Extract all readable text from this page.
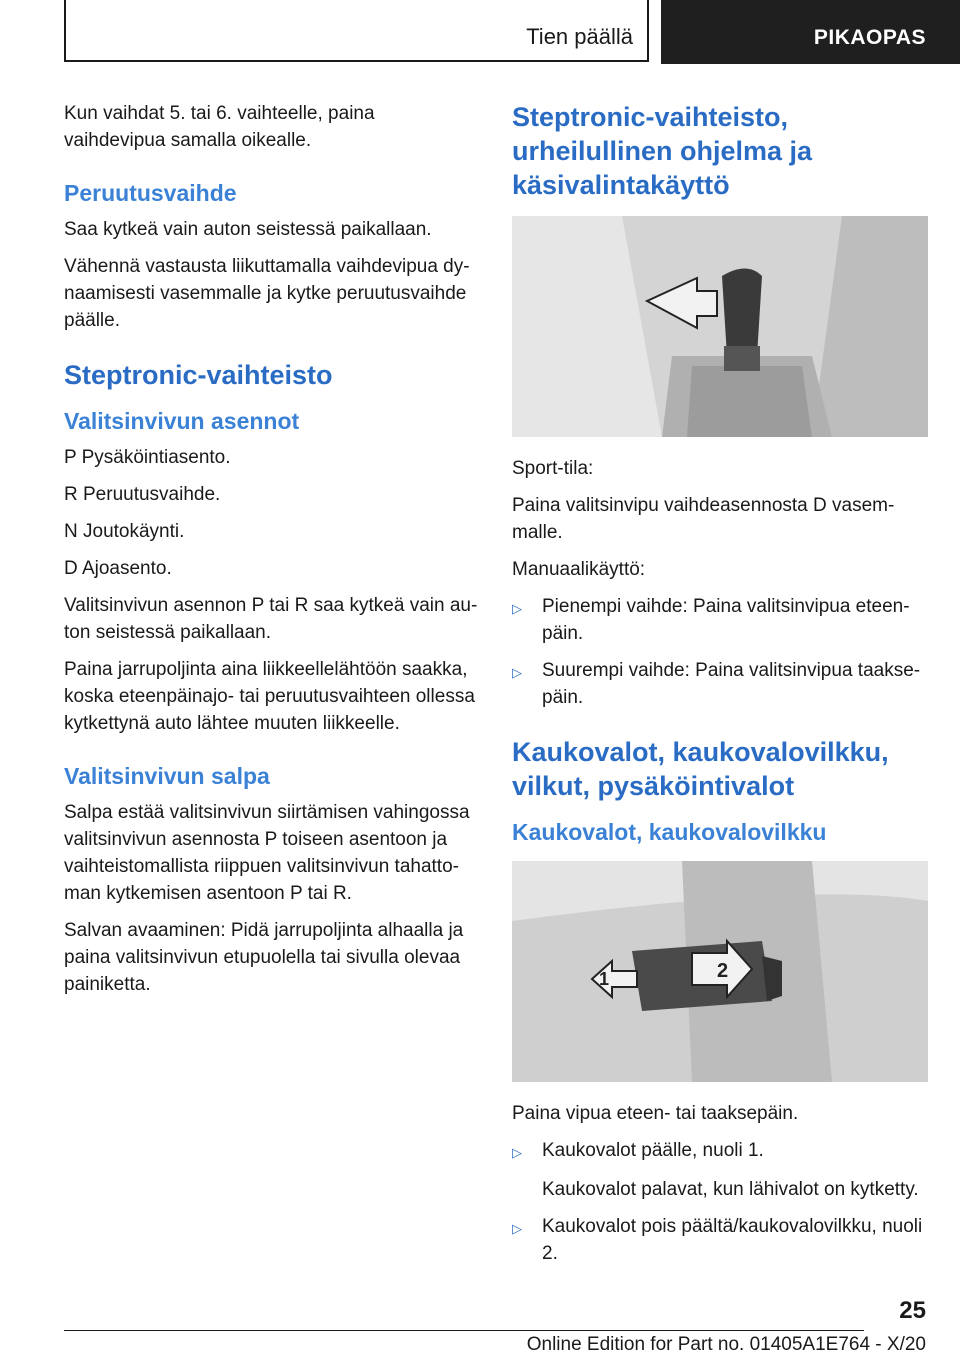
Tien päällä	PIKAOPAS

Kun vaihdat 5. tai 6. vaihteelle, paina vaihdevipua samalla oikealle.

Peruutusvaihde

Saa kytkeä vain auton seistessä paikallaan.

Vähennä vastausta liikuttamalla vaihdevipua dynaamisesti vasemmalle ja kytke peruutusvaihde päälle.

Steptronic-vaihteisto
Valitsinvivun asennot

P Pysäköintiasento.

R Peruutusvaihde.

N Joutokäynti.

D Ajoasento.

Valitsinvivun asennon P tai R saa kytkeä vain auton seistessä paikallaan.

Paina jarrupoljinta aina liikkeellelähtöön saakka, koska eteenpäinajo- tai peruutusvaihteen ollessa kytkettynä auto lähtee muuten liikkeelle.

Valitsinvivun salpa

Salpa estää valitsinvivun siirtämisen vahingossa valitsinvivun asennosta P toiseen asentoon ja vaihteistomallista riippuen valitsinvivun tahattoman kytkemisen asentoon P tai R.

Salvan avaaminen: Pidä jarrupoljinta alhaalla ja paina valitsinvivun etupuolella tai sivulla olevaa painiketta.

Steptronic-vaihteisto, urheilullinen ohjelma ja käsivalintakäyttö

Sport-tila:

Paina valitsinvipu vaihdeasennosta D vasemmalle.

Manuaalikäyttö:

▷	Pienempi vaihde: Paina valitsinvipua eteenpäin.
▷	Suurempi vaihde: Paina valitsinvipua taaksepäin.
Kaukovalot, kaukovalovilkku, vilkut, pysäköintivalot
Kaukovalot, kaukovalovilkku
1	2

Paina vipua eteen- tai taaksepäin.

▷	Kaukovalot päälle, nuoli 1.
Kaukovalot palavat, kun lähivalot on kytketty.
▷	Kaukovalot pois päältä/kaukovalovilkku, nuoli 2.
25
Online Edition for Part no. 01405A1E764 - X/20
